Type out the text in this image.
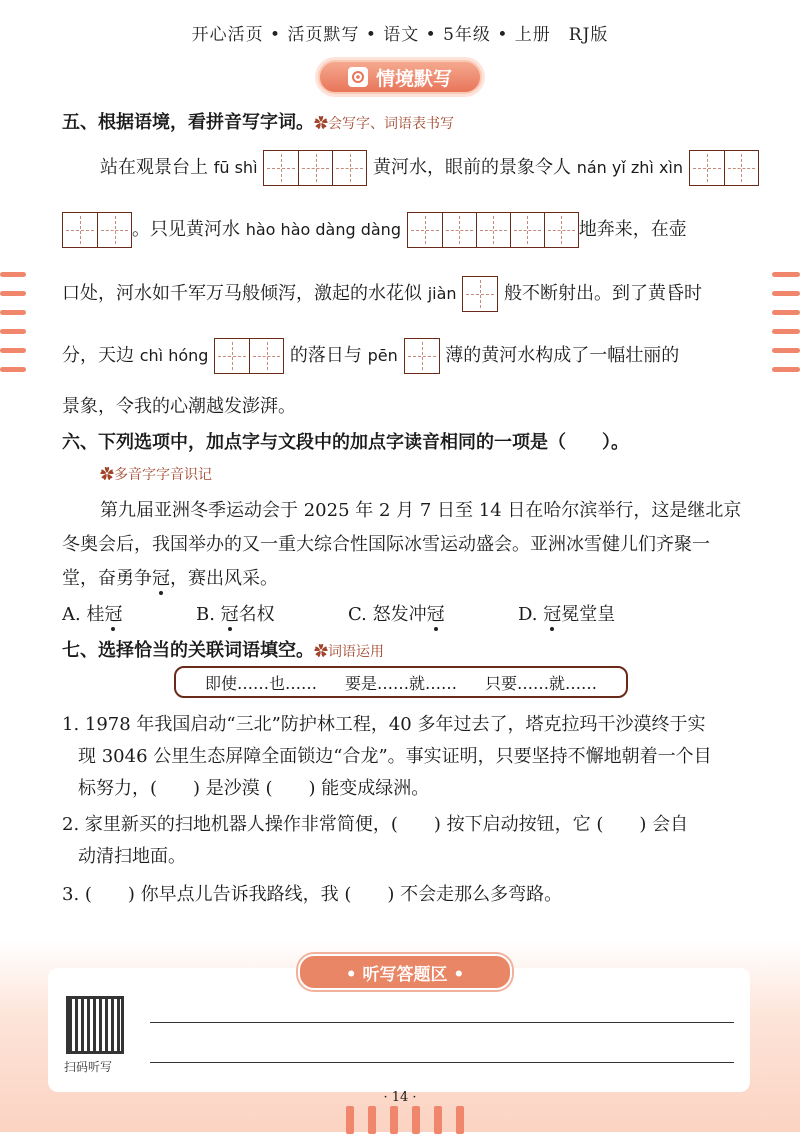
开心活页 • 活页默写 • 语文 • 5年级 • 上册　RJ版
情境默写
五、根据语境，看拼音写字词。✿会写字、词语表书写
站在观景台上 fū shì	黄河水，眼前的景象令人 nán yǐ zhì xìn
。只见黄河水 hào hào dàng dàng	地奔来，在壶
口处，河水如千军万马般倾泻，激起的水花似 jiàn	般不断射出。到了黄昏时
分，天边 chì hóng	的落日与 pēn	薄的黄河水构成了一幅壮丽的
景象，令我的心潮越发澎湃。
六、下列选项中，加点字与文段中的加点字读音相同的一项是（　　）。
✿多音字字音识记
第九届亚洲冬季运动会于 2025 年 2 月 7 日至 14 日在哈尔滨举行，这是继北京
冬奥会后，我国举办的又一重大综合性国际冰雪运动盛会。亚洲冰雪健儿们齐聚一
堂，奋勇争冠，赛出风采。
A. 桂冠	B. 冠名权	C. 怒发冲冠	D. 冠冕堂皇
七、选择恰当的关联词语填空。✿词语运用
即使……也…… 要是……就…… 只要……就……
1. 1978 年我国启动“三北”防护林工程，40 多年过去了，塔克拉玛干沙漠终于实
现 3046 公里生态屏障全面锁边“合龙”。事实证明，只要坚持不懈地朝着一个目
标努力，(　　) 是沙漠 (　　) 能变成绿洲。
2. 家里新买的扫地机器人操作非常简便，(　　) 按下启动按钮，它 (　　) 会自
动清扫地面。
3. (　　) 你早点儿告诉我路线，我 (　　) 不会走那么多弯路。
• 听写答题区 •
扫码听写
· 14 ·
